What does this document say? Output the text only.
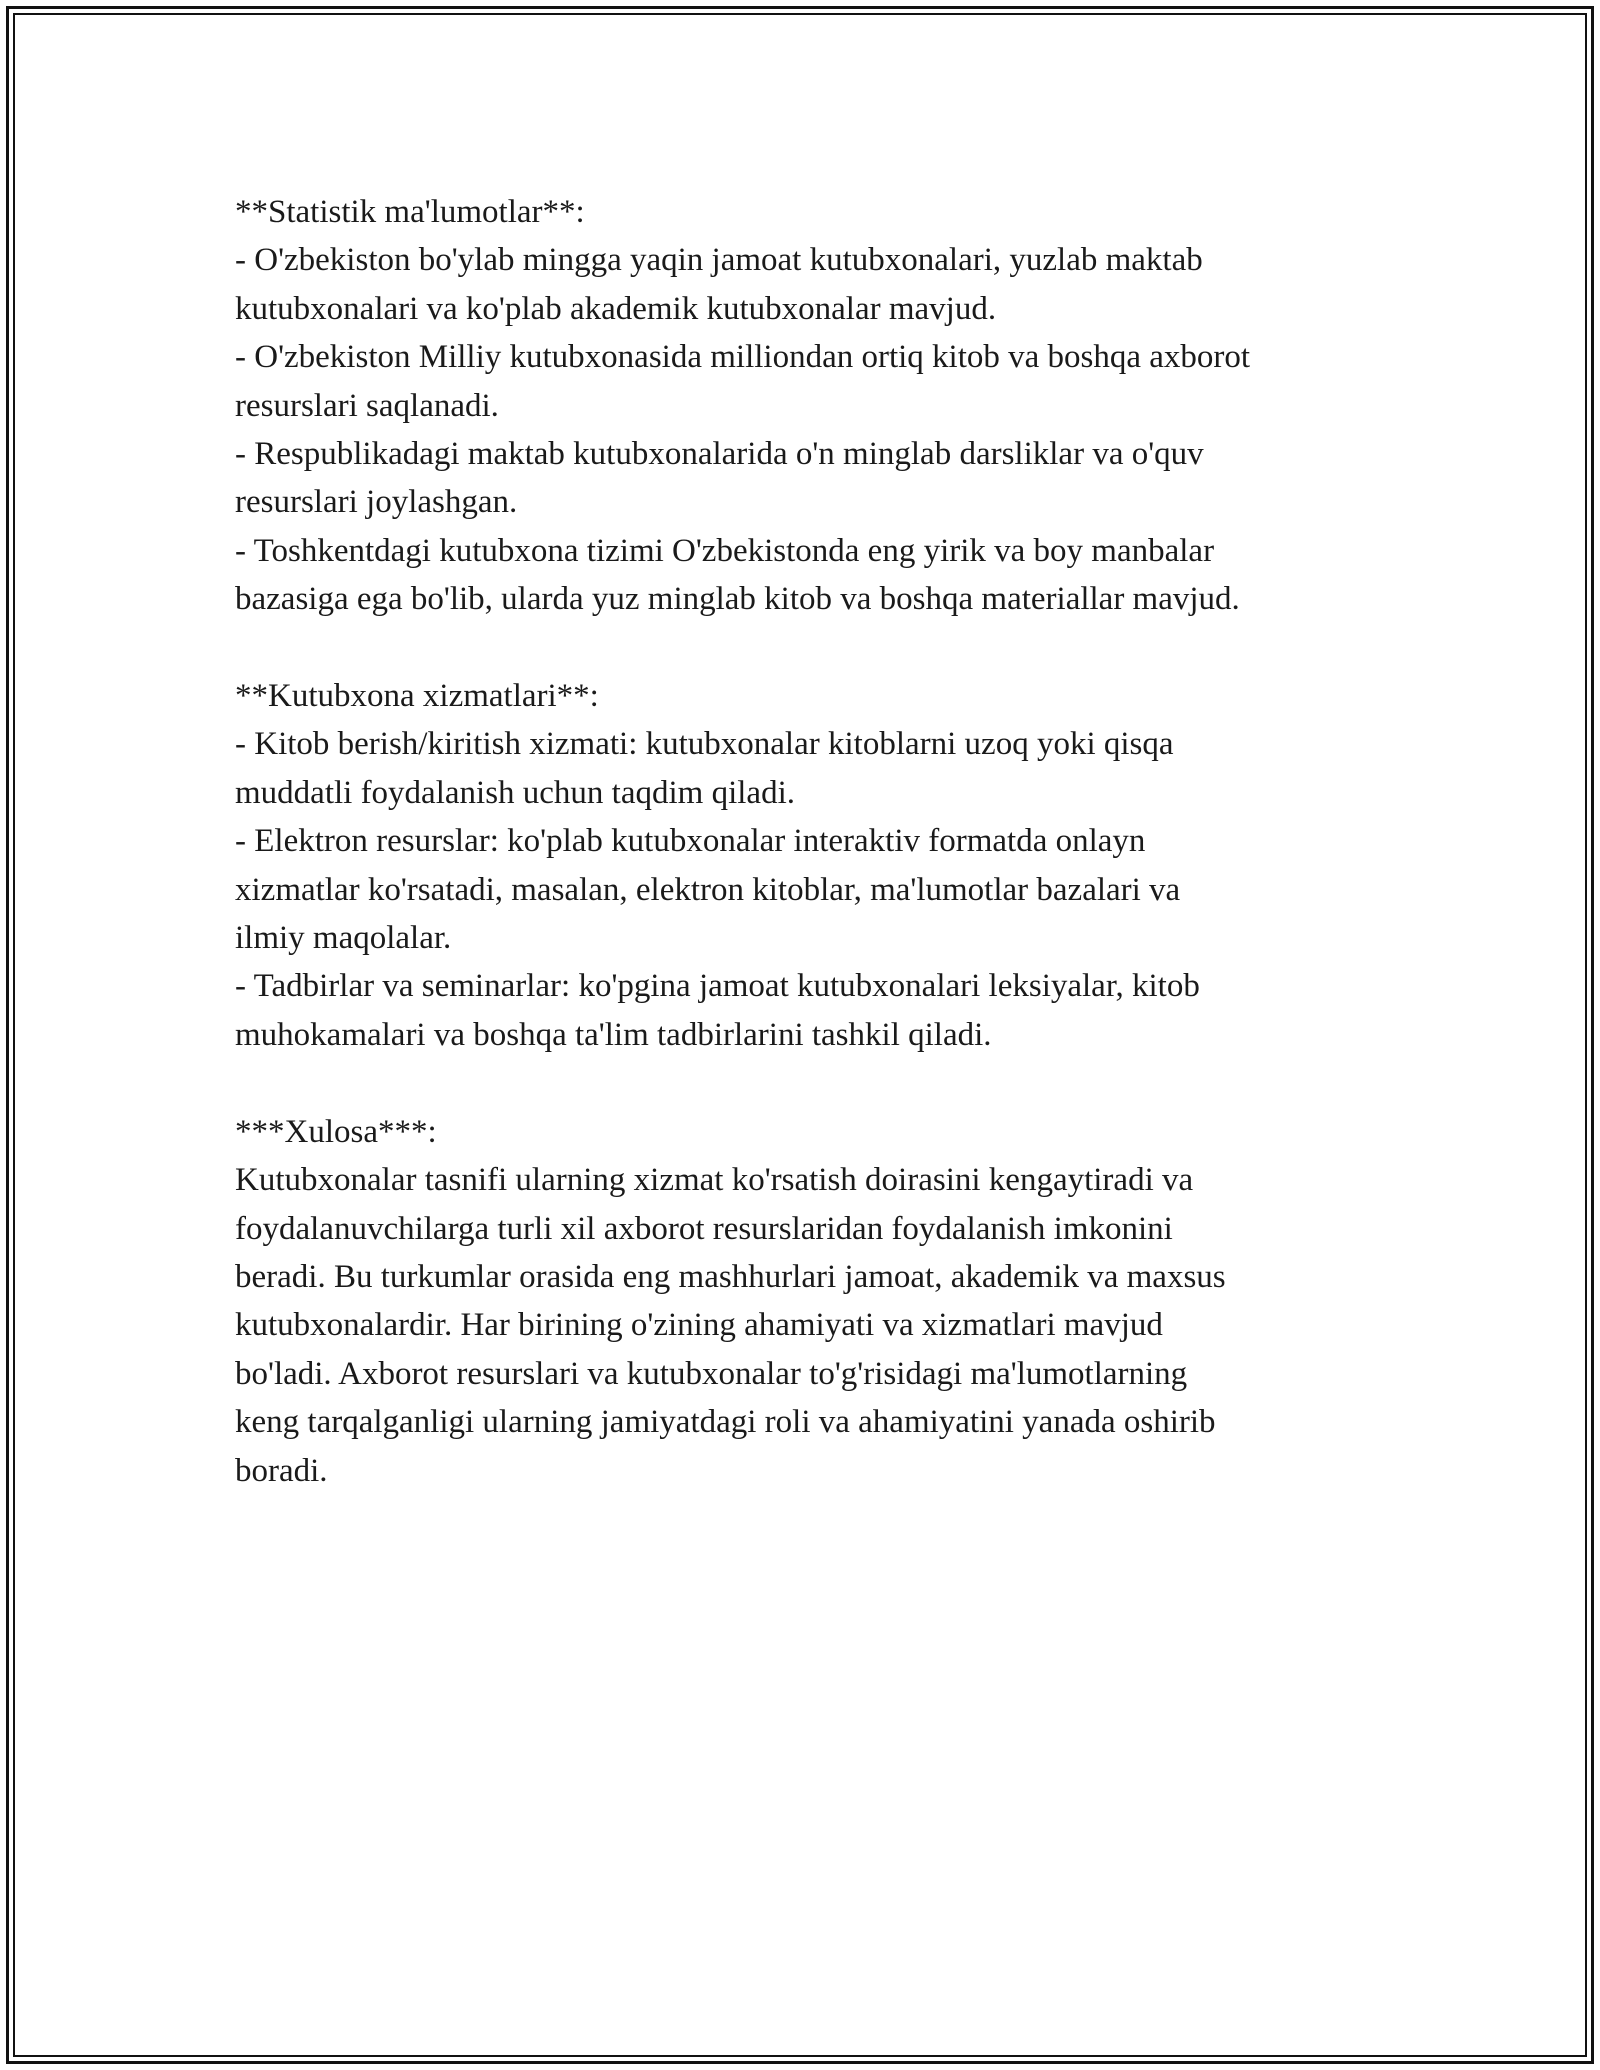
**Statistik ma'lumotlar**:
- O'zbekiston bo'ylab mingga yaqin jamoat kutubxonalari, yuzlab maktab
kutubxonalari va ko'plab akademik kutubxonalar mavjud.
- O'zbekiston Milliy kutubxonasida milliondan ortiq kitob va boshqa axborot
resurslari saqlanadi.
- Respublikadagi maktab kutubxonalarida o'n minglab darsliklar va o'quv
resurslari joylashgan.
- Toshkentdagi kutubxona tizimi O'zbekistonda eng yirik va boy manbalar
bazasiga ega bo'lib, ularda yuz minglab kitob va boshqa materiallar mavjud.
**Kutubxona xizmatlari**:
- Kitob berish/kiritish xizmati: kutubxonalar kitoblarni uzoq yoki qisqa
muddatli foydalanish uchun taqdim qiladi.
- Elektron resurslar: ko'plab kutubxonalar interaktiv formatda onlayn
xizmatlar ko'rsatadi, masalan, elektron kitoblar, ma'lumotlar bazalari va
ilmiy maqolalar.
- Tadbirlar va seminarlar: ko'pgina jamoat kutubxonalari leksiyalar, kitob
muhokamalari va boshqa ta'lim tadbirlarini tashkil qiladi.
***Xulosa***:
Kutubxonalar tasnifi ularning xizmat ko'rsatish doirasini kengaytiradi va
foydalanuvchilarga turli xil axborot resurslaridan foydalanish imkonini
beradi. Bu turkumlar orasida eng mashhurlari jamoat, akademik va maxsus
kutubxonalardir. Har birining o'zining ahamiyati va xizmatlari mavjud
bo'ladi. Axborot resurslari va kutubxonalar to'g'risidagi ma'lumotlarning
keng tarqalganligi ularning jamiyatdagi roli va ahamiyatini yanada oshirib
boradi.
